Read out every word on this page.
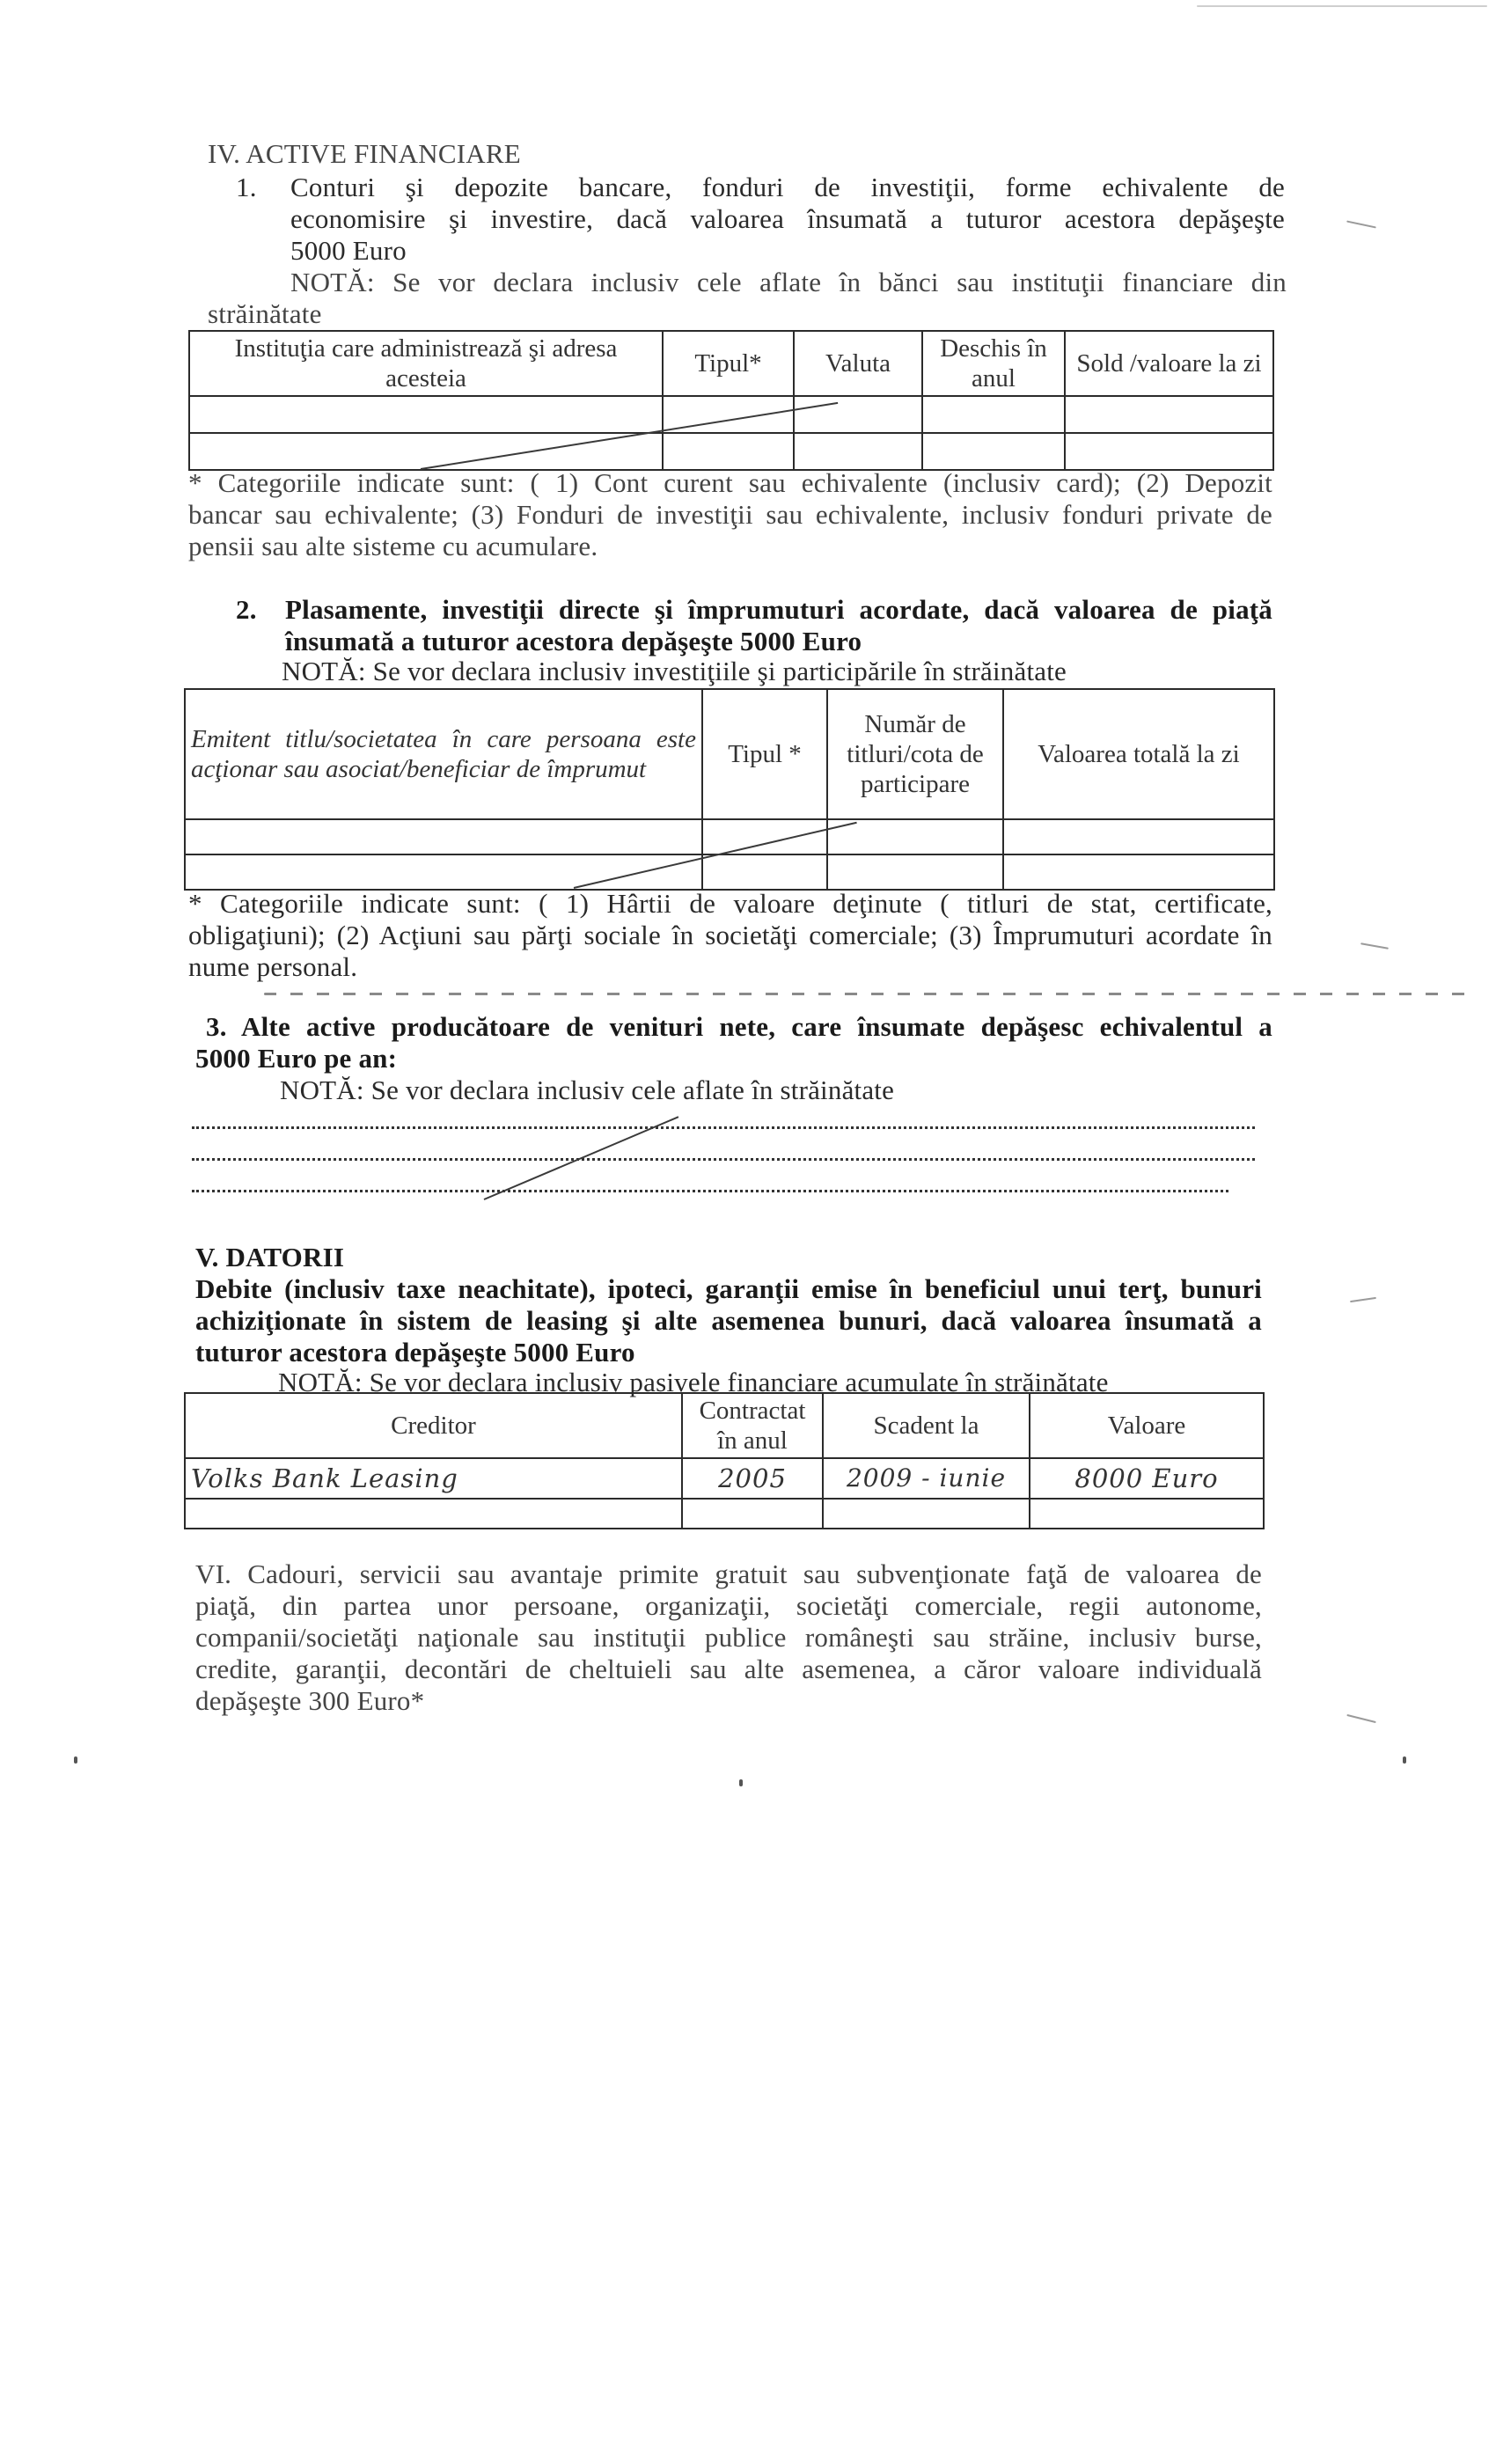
IV. ACTIVE FINANCIARE
1. Conturi şi depozite bancare, fonduri de investiţii, forme echivalente de
economisire şi investire, dacă valoarea însumată a tuturor acestora depăşeşte
5000 Euro
NOTĂ: Se vor declara inclusiv cele aflate în bănci sau instituţii financiare din
străinătate
Instituţia care administrează şi adresa acesteia	Tipul*	Valuta	Deschis în anul	Sold /valoare la zi

* Categoriile indicate sunt: ( 1) Cont curent sau echivalente (inclusiv card); (2) Depozit
bancar sau echivalente; (3) Fonduri de investiţii sau echivalente, inclusiv fonduri private de
pensii sau alte sisteme cu acumulare.
2. Plasamente, investiţii directe şi împrumuturi acordate, dacă valoarea de piaţă
însumată a tuturor acestora depăşeşte 5000 Euro
NOTĂ: Se vor declara inclusiv investiţiile şi participările în străinătate
Emitent titlu/societatea în care persoana este acţionar sau asociat/beneficiar de împrumut	Tipul *	Număr de titluri/cota de participare	Valoarea totală la zi

* Categoriile indicate sunt: ( 1) Hârtii de valoare deţinute ( titluri de stat, certificate,
obligaţiuni); (2) Acţiuni sau părţi sociale în societăţi comerciale; (3) Împrumuturi acordate în
nume personal.
3. Alte active producătoare de venituri nete, care însumate depăşesc echivalentul a
5000 Euro pe an:
NOTĂ: Se vor declara inclusiv cele aflate în străinătate
V. DATORII
Debite (inclusiv taxe neachitate), ipoteci, garanţii emise în beneficiul unui terţ, bunuri
achiziţionate în sistem de leasing şi alte asemenea bunuri, dacă valoarea însumată a
tuturor acestora depăşeşte 5000 Euro
NOTĂ: Se vor declara inclusiv pasivele financiare acumulate în străinătate
Creditor	Contractat în anul	Scadent la	Valoare
Volks Bank Leasing	2005	2009 - iunie	8000 Euro

VI. Cadouri, servicii sau avantaje primite gratuit sau subvenţionate faţă de valoarea de
piaţă, din partea unor persoane, organizaţii, societăţi comerciale, regii autonome,
companii/societăţi naţionale sau instituţii publice româneşti sau străine, inclusiv burse,
credite, garanţii, decontări de cheltuieli sau alte asemenea, a căror valoare individuală
depăşeşte 300 Euro*
